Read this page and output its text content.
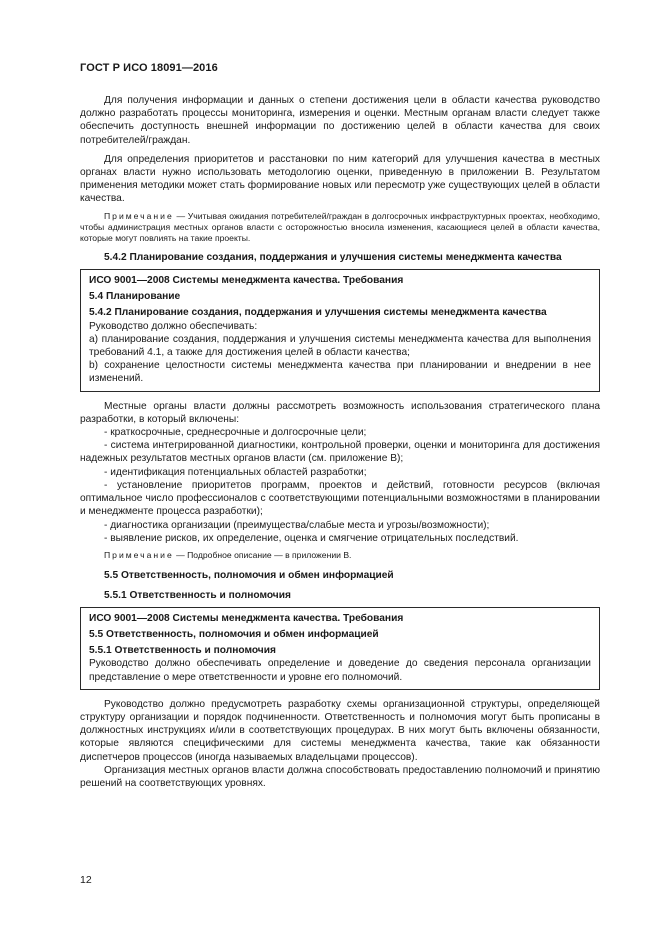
ГОСТ Р ИСО 18091—2016

Для получения информации и данных о степени достижения цели в области качества руководство должно разработать процессы мониторинга, измерения и оценки. Местным органам власти следует также обеспечить доступность внешней информации по достижению целей в области качества для своих потребителей/граждан.

Для определения приоритетов и расстановки по ним категорий для улучшения качества в местных органах власти нужно использовать методологию оценки, приведенную в приложении В. Результатом применения методики может стать формирование новых или пересмотр уже существующих целей в области качества.

Примечание — Учитывая ожидания потребителей/граждан в долгосрочных инфраструктурных проектах, необходимо, чтобы администрация местных органов власти с осторожностью вносила изменения, касающиеся целей в области качества, которые могут повлиять на такие проекты.

5.4.2 Планирование создания, поддержания и улучшения системы менеджмента качества

ИСО 9001—2008 Системы менеджмента качества. Требования

5.4 Планирование

5.4.2 Планирование создания, поддержания и улучшения системы менеджмента качества

Руководство должно обеспечивать:

а) планирование создания, поддержания и улучшения системы менеджмента качества для выполнения требований 4.1, а также для достижения целей в области качества;

b) сохранение целостности системы менеджмента качества при планировании и внедрении в нее изменений.

Местные органы власти должны рассмотреть возможность использования стратегического плана разработки, в который включены:

- краткосрочные, среднесрочные и долгосрочные цели;

- система интегрированной диагностики, контрольной проверки, оценки и мониторинга для достижения надежных результатов местных органов власти (см. приложение В);

- идентификация потенциальных областей разработки;

- установление приоритетов программ, проектов и действий, готовности ресурсов (включая оптимальное число профессионалов с соответствующими потенциальными возможностями в планировании и менеджменте процесса разработки);

- диагностика организации (преимущества/слабые места и угрозы/возможности);

- выявление рисков, их определение, оценка и смягчение отрицательных последствий.

Примечание — Подробное описание — в приложении В.

5.5 Ответственность, полномочия и обмен информацией

5.5.1 Ответственность и полномочия

ИСО 9001—2008 Системы менеджмента качества. Требования

5.5 Ответственность, полномочия и обмен информацией

5.5.1 Ответственность и полномочия

Руководство должно обеспечивать определение и доведение до сведения персонала организации представление о мере ответственности и уровне его полномочий.

Руководство должно предусмотреть разработку схемы организационной структуры, определяющей структуру организации и порядок подчиненности. Ответственность и полномочия могут быть прописаны в должностных инструкциях и/или в соответствующих процедурах. В них могут быть включены обязанности, которые являются специфическими для системы менеджмента качества, такие как обязанности диспетчеров процессов (иногда называемых владельцами процессов).

Организация местных органов власти должна способствовать предоставлению полномочий и принятию решений на соответствующих уровнях.

12
